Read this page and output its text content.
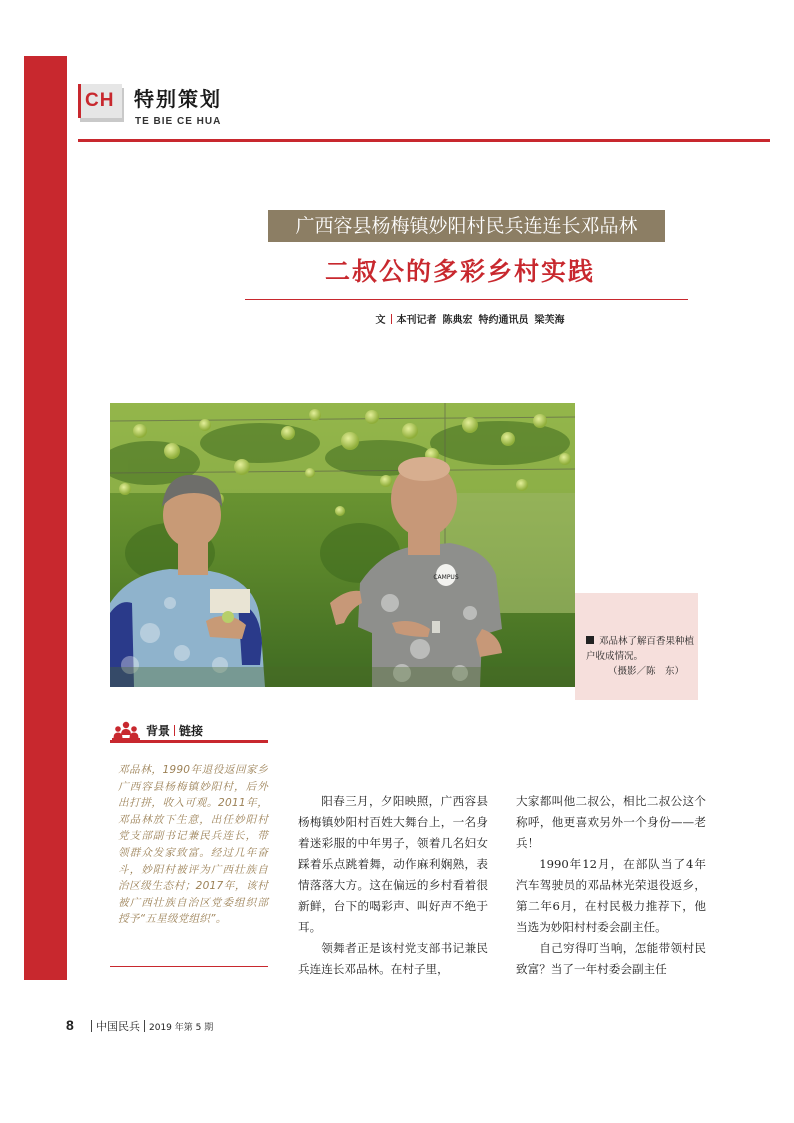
CH 特别策划
TE BIE CE HUA
广西容县杨梅镇妙阳村民兵连连长邓品林
二叔公的多彩乡村实践
文 本刊记者 陈典宏 特约通讯员 梁芙海
CAMPUS
邓品林了解百香果种植户收成情况。
（摄影／陈　东）
背景 链接
邓品林，1990年退役返回家乡广西容县杨梅镇妙阳村，后外出打拼，收入可观。2011年，邓品林放下生意，出任妙阳村党支部副书记兼民兵连长，带领群众发家致富。经过几年奋斗，妙阳村被评为广西壮族自治区级生态村；2017年，该村被广西壮族自治区党委组织部授予“五星级党组织”。

阳春三月，夕阳映照，广西容县杨梅镇妙阳村百姓大舞台上，一名身着迷彩服的中年男子，领着几名妇女踩着乐点跳着舞，动作麻利娴熟，表情落落大方。这在偏远的乡村看着很新鲜，台下的喝彩声、叫好声不绝于耳。

领舞者正是该村党支部书记兼民兵连连长邓品林。在村子里，

大家都叫他二叔公，相比二叔公这个称呼，他更喜欢另外一个身份——老兵！

1990年12月，在部队当了4年汽车驾驶员的邓品林光荣退役返乡，第二年6月，在村民极力推荐下，他当选为妙阳村村委会副主任。

自己穷得叮当响，怎能带领村民致富？当了一年村委会副主任

8	中国民兵 2019 年第 5 期
